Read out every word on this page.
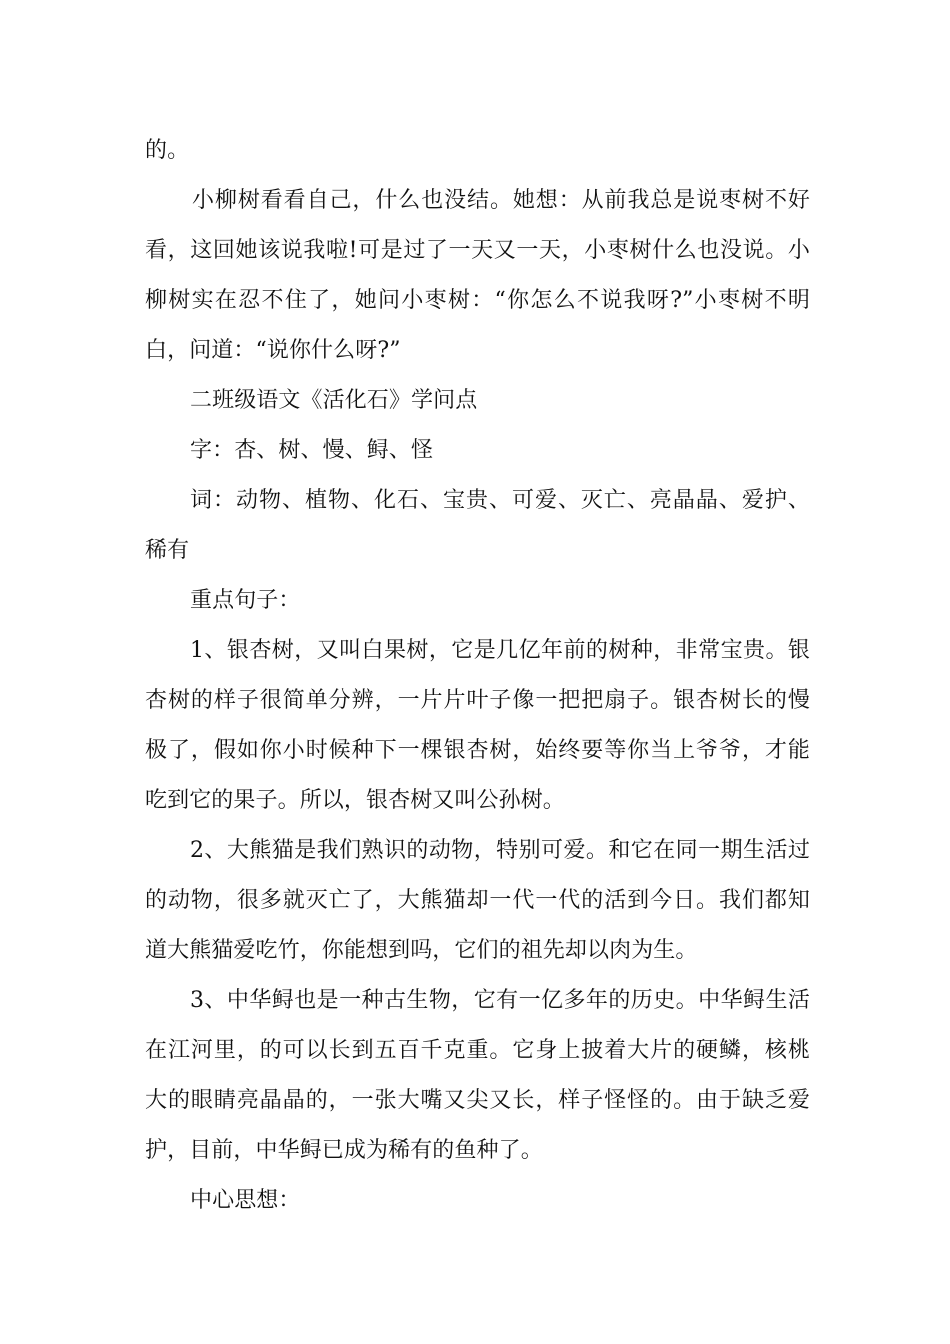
的。
小柳树看看自己，什么也没结。她想：从前我总是说枣树不好
看，这回她该说我啦!可是过了一天又一天，小枣树什么也没说。小
柳树实在忍不住了，她问小枣树：“你怎么不说我呀?”小枣树不明
白，问道：“说你什么呀?”
二班级语文《活化石》学问点
字：杏、树、慢、鲟、怪
词：动物、植物、化石、宝贵、可爱、灭亡、亮晶晶、爱护、
稀有
重点句子：
1、银杏树，又叫白果树，它是几亿年前的树种，非常宝贵。银
杏树的样子很简单分辨，一片片叶子像一把把扇子。银杏树长的慢
极了，假如你小时候种下一棵银杏树，始终要等你当上爷爷，才能
吃到它的果子。所以，银杏树又叫公孙树。
2、大熊猫是我们熟识的动物，特别可爱。和它在同一期生活过
的动物，很多就灭亡了，大熊猫却一代一代的活到今日。我们都知
道大熊猫爱吃竹，你能想到吗，它们的祖先却以肉为生。
3、中华鲟也是一种古生物，它有一亿多年的历史。中华鲟生活
在江河里，的可以长到五百千克重。它身上披着大片的硬鳞，核桃
大的眼睛亮晶晶的，一张大嘴又尖又长，样子怪怪的。由于缺乏爱
护，目前，中华鲟已成为稀有的鱼种了。
中心思想：
